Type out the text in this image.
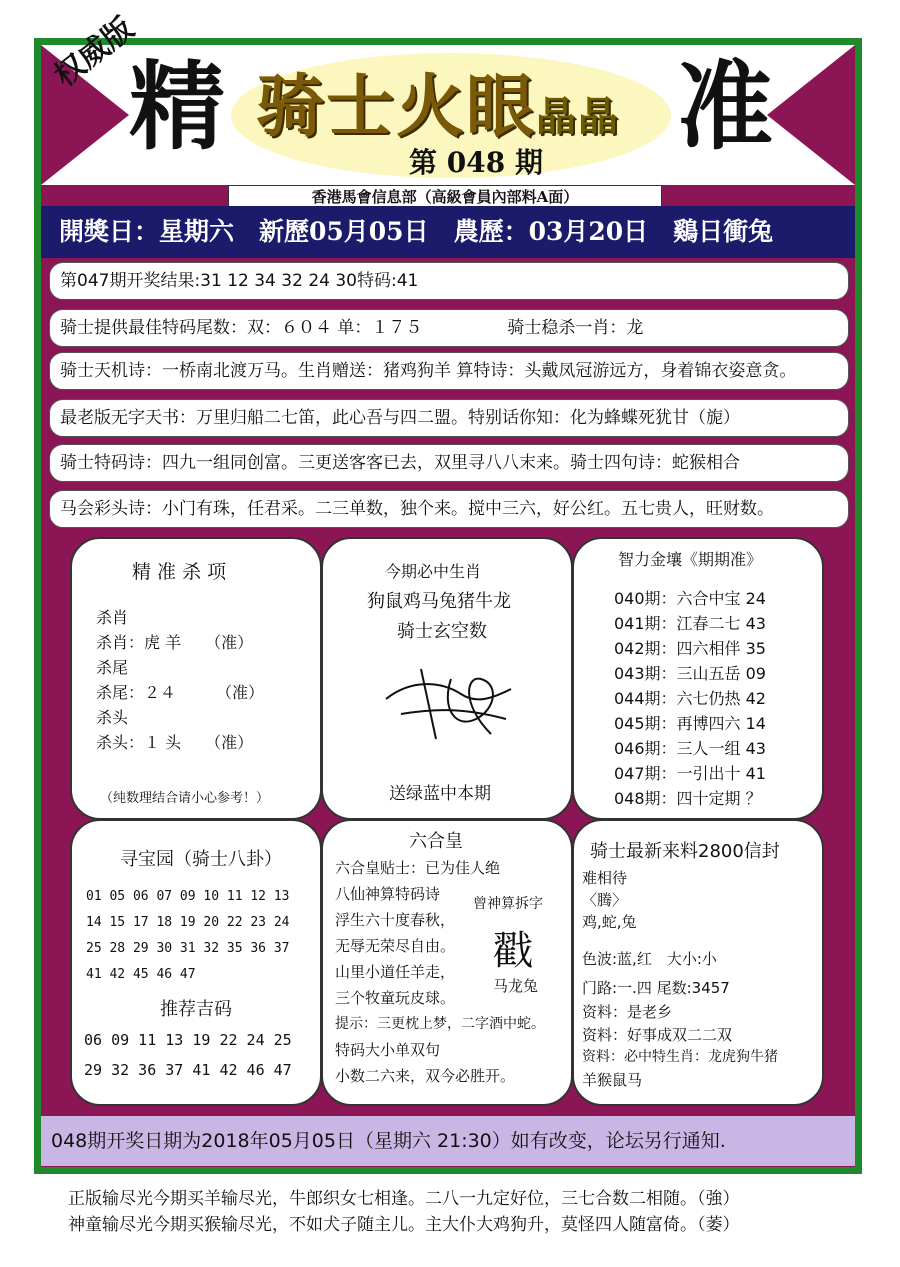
精	准
骑士火眼晶晶
第 048 期
权威版
香港馬會信息部（高級會員內部料A面）
開獎日：星期六　新歷05月05日　農歷：03月20日　鷄日衝兔
第047期开奖结果:31 12 34 32 24 30特码:41
骑士提供最佳特码尾数：双：６０４ 单：１７５　　　　　骑士稳杀一肖：龙
骑士天机诗：一桥南北渡万马。生肖赠送：猪鸡狗羊 算特诗：头戴凤冠游远方，身着锦衣姿意贪。
最老版无字天书：万里归船二七笛，此心吾与四二盟。特别话你知：化为蜂蝶死犹甘（旎）
骑士特码诗：四九一组同创富。三更送客客已去，双里寻八八末来。骑士四句诗：蛇猴相合
马会彩头诗：小门有珠，任君采。二三单数，独个来。搅中三六，好公红。五七贵人，旺财数。
精 准 杀 项
杀肖
杀肖：虎 羊　　（准）
杀尾
杀尾：２４　　　（准）
杀头
杀头：１ 头　　（准）
（纯数理结合请小心参考！）
今期必中生肖
狗鼠鸡马兔猪牛龙
骑士玄空数
送绿蓝中本期
智力金壤《期期准》
040期：六合中宝 24
041期：江春二七 43
042期：四六相伴 35
043期：三山五岳 09
044期：六七仍热 42
045期：再博四六 14
046期：三人一组 43
047期：一引出十 41
048期：四十定期 ？
寻宝园（骑士八卦）
01 05 06 07 09 10 11 12 13
14 15 17 18 19 20 22 23 24
25 28 29 30 31 32 35 36 37
41 42 45 46 47
推荐吉码
06 09 11 13 19 22 24 25
29 32 36 37 41 42 46 47
六合皇
六合皇贴士：已为佳人绝
八仙神算特码诗
浮生六十度春秋，
无辱无荣尽自由。
山里小道任羊走，
三个牧童玩皮球。
提示：三更枕上梦，二字酒中蛇。
特码大小单双句
小数二六来，双今必胜开。
曾神算拆字
戳
马龙兔
骑士最新来料2800信封
难相待
〈腾〉
鸡,蛇,兔
色波:蓝,红　大小:小
门路:一.四 尾数:3457
资料：是老乡
资料：好事成双二二双
资料：必中特生肖：龙虎狗牛猪
羊猴鼠马
048期开奖日期为2018年05月05日（星期六 21:30）如有改变，论坛另行通知.
正版输尽光今期买羊输尽光，牛郎织女七相逢。二八一九定好位，三七合数二相随。（強）
神童输尽光今期买猴输尽光，不如犬子随主儿。主大仆大鸡狗升，莫怪四人随富倚。（萎）
